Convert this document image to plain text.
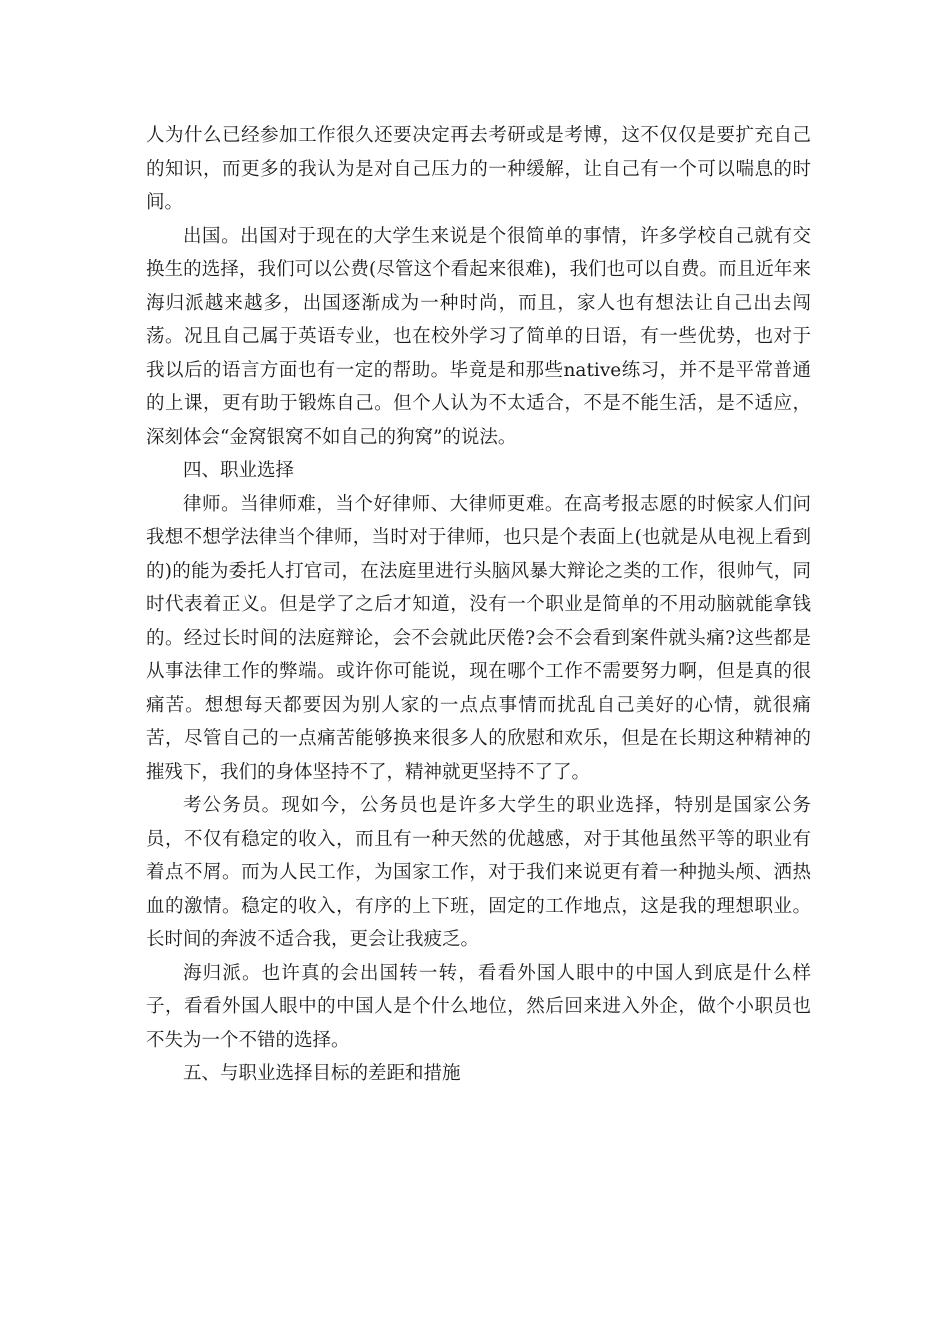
人为什么已经参加工作很久还要决定再去考研或是考博，这不仅仅是要扩充自己的知识，而更多的我认为是对自己压力的一种缓解，让自己有一个可以喘息的时间。

出国。出国对于现在的大学生来说是个很简单的事情，许多学校自己就有交换生的选择，我们可以公费(尽管这个看起来很难)，我们也可以自费。而且近年来海归派越来越多，出国逐渐成为一种时尚，而且，家人也有想法让自己出去闯荡。况且自己属于英语专业，也在校外学习了简单的日语，有一些优势，也对于我以后的语言方面也有一定的帮助。毕竟是和那些native练习，并不是平常普通的上课，更有助于锻炼自己。但个人认为不太适合，不是不能生活，是不适应，深刻体会“金窝银窝不如自己的狗窝”的说法。

四、职业选择

律师。当律师难，当个好律师、大律师更难。在高考报志愿的时候家人们问我想不想学法律当个律师，当时对于律师，也只是个表面上(也就是从电视上看到的)的能为委托人打官司，在法庭里进行头脑风暴大辩论之类的工作，很帅气，同时代表着正义。但是学了之后才知道，没有一个职业是简单的不用动脑就能拿钱的。经过长时间的法庭辩论，会不会就此厌倦?会不会看到案件就头痛?这些都是从事法律工作的弊端。或许你可能说，现在哪个工作不需要努力啊，但是真的很痛苦。想想每天都要因为别人家的一点点事情而扰乱自己美好的心情，就很痛苦，尽管自己的一点痛苦能够换来很多人的欣慰和欢乐，但是在长期这种精神的摧残下，我们的身体坚持不了，精神就更坚持不了了。

考公务员。现如今，公务员也是许多大学生的职业选择，特别是国家公务员，不仅有稳定的收入，而且有一种天然的优越感，对于其他虽然平等的职业有着点不屑。而为人民工作，为国家工作，对于我们来说更有着一种抛头颅、洒热血的激情。稳定的收入，有序的上下班，固定的工作地点，这是我的理想职业。长时间的奔波不适合我，更会让我疲乏。

海归派。也许真的会出国转一转，看看外国人眼中的中国人到底是什么样子，看看外国人眼中的中国人是个什么地位，然后回来进入外企，做个小职员也不失为一个不错的选择。

五、与职业选择目标的差距和措施
